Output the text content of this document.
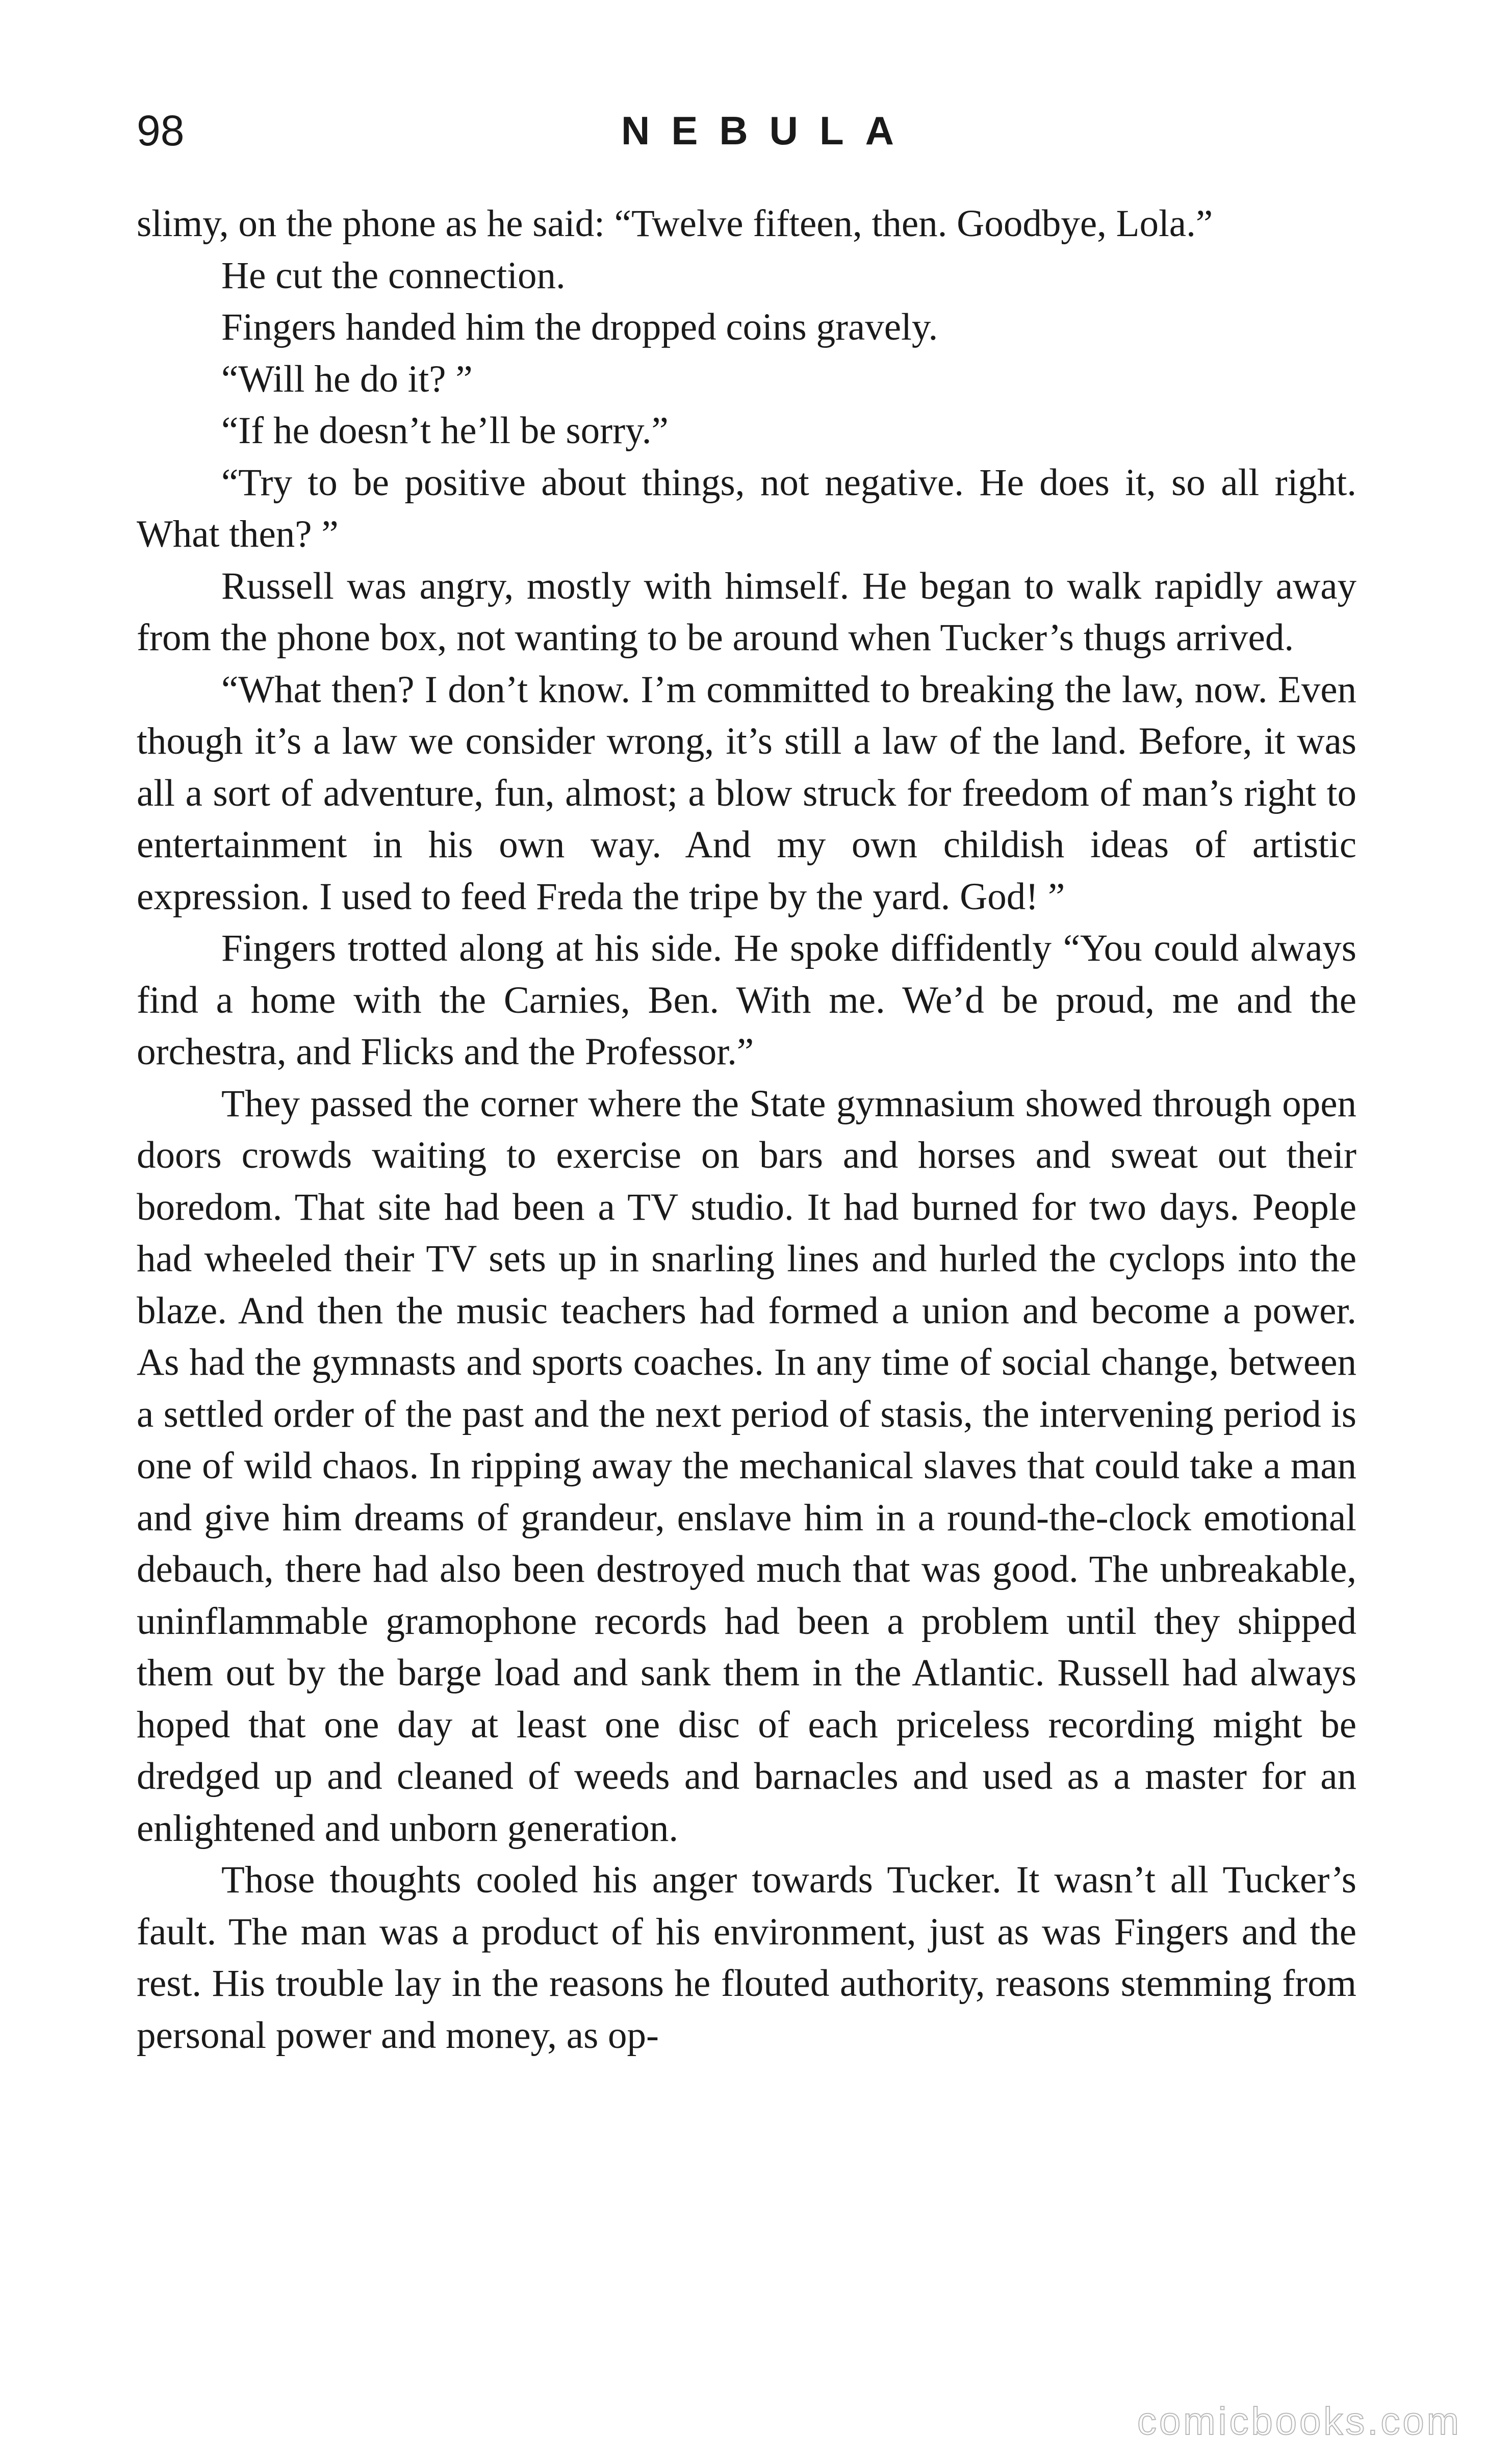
98	NEBULA

slimy, on the phone as he said: “Twelve fifteen, then. Goodbye, Lola.”

He cut the connection.

Fingers handed him the dropped coins gravely.

“Will he do it? ”

“If he doesn’t he’ll be sorry.”

“Try to be positive about things, not negative. He does it, so all right. What then? ”

Russell was angry, mostly with himself. He began to walk rapidly away from the phone box, not wanting to be around when Tucker’s thugs arrived.

“What then? I don’t know. I’m committed to breaking the law, now. Even though it’s a law we consider wrong, it’s still a law of the land. Before, it was all a sort of adventure, fun, almost; a blow struck for freedom of man’s right to entertainment in his own way. And my own childish ideas of artistic expression. I used to feed Freda the tripe by the yard. God! ”

Fingers trotted along at his side. He spoke diffidently “You could always find a home with the Carnies, Ben. With me. We’d be proud, me and the orchestra, and Flicks and the Professor.”

They passed the corner where the State gymnasium showed through open doors crowds waiting to exercise on bars and horses and sweat out their boredom. That site had been a TV studio. It had burned for two days. People had wheeled their TV sets up in snarling lines and hurled the cyclops into the blaze. And then the music teachers had formed a union and become a power. As had the gymnasts and sports coaches. In any time of social change, between a settled order of the past and the next period of stasis, the intervening period is one of wild chaos. In ripping away the mechanical slaves that could take a man and give him dreams of grandeur, enslave him in a round-the-clock emotional debauch, there had also been destroyed much that was good. The unbreakable, uninflammable gramophone records had been a problem until they shipped them out by the barge load and sank them in the Atlantic. Russell had always hoped that one day at least one disc of each priceless recording might be dredged up and cleaned of weeds and barnacles and used as a master for an enlightened and unborn generation.

Those thoughts cooled his anger towards Tucker. It wasn’t all Tucker’s fault. The man was a product of his environment, just as was Fingers and the rest. His trouble lay in the reasons he flouted authority, reasons stemming from personal power and money, as op-

comicbooks.com
